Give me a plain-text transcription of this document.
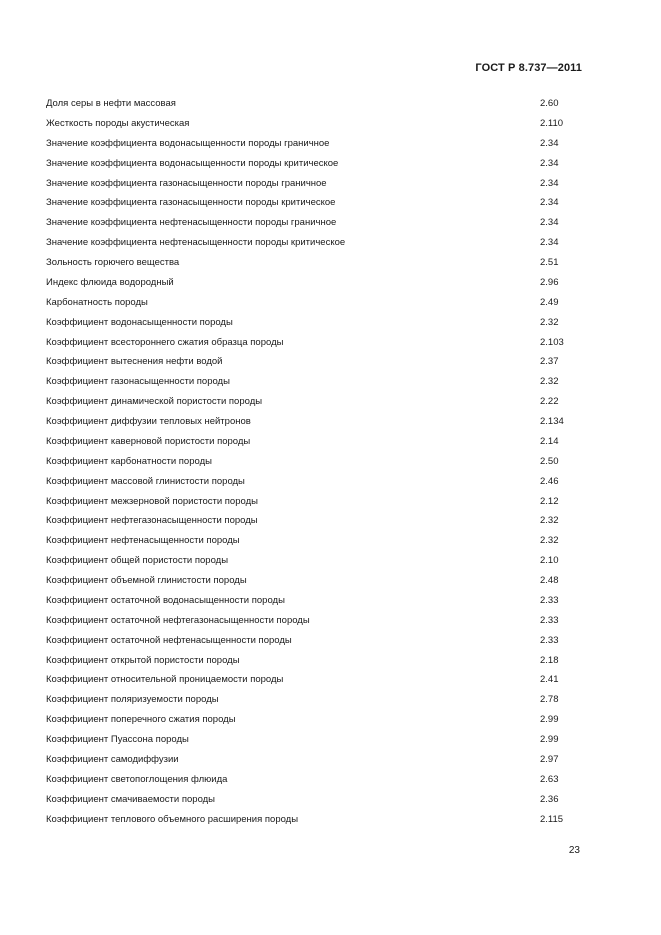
ГОСТ Р 8.737—2011
Доля серы в нефти массовая	2.60
Жесткость породы акустическая	2.110
Значение коэффициента водонасыщенности породы граничное	2.34
Значение коэффициента водонасыщенности породы критическое	2.34
Значение коэффициента газонасыщенности породы граничное	2.34
Значение коэффициента газонасыщенности породы критическое	2.34
Значение коэффициента нефтенасыщенности породы граничное	2.34
Значение коэффициента нефтенасыщенности породы критическое	2.34
Зольность горючего вещества	2.51
Индекс флюида водородный	2.96
Карбонатность породы	2.49
Коэффициент водонасыщенности породы	2.32
Коэффициент всестороннего сжатия образца породы	2.103
Коэффициент вытеснения нефти водой	2.37
Коэффициент газонасыщенности породы	2.32
Коэффициент динамической пористости породы	2.22
Коэффициент диффузии тепловых нейтронов	2.134
Коэффициент каверновой пористости породы	2.14
Коэффициент карбонатности породы	2.50
Коэффициент массовой глинистости породы	2.46
Коэффициент межзерновой пористости породы	2.12
Коэффициент нефтегазонасыщенности породы	2.32
Коэффициент нефтенасыщенности породы	2.32
Коэффициент общей пористости породы	2.10
Коэффициент объемной глинистости породы	2.48
Коэффициент остаточной водонасыщенности породы	2.33
Коэффициент остаточной нефтегазонасыщенности породы	2.33
Коэффициент остаточной нефтенасыщенности породы	2.33
Коэффициент открытой пористости породы	2.18
Коэффициент относительной проницаемости породы	2.41
Коэффициент поляризуемости породы	2.78
Коэффициент поперечного сжатия породы	2.99
Коэффициент Пуассона породы	2.99
Коэффициент самодиффузии	2.97
Коэффициент светопоглощения флюида	2.63
Коэффициент смачиваемости породы	2.36
Коэффициент теплового объемного расширения породы	2.115
23
